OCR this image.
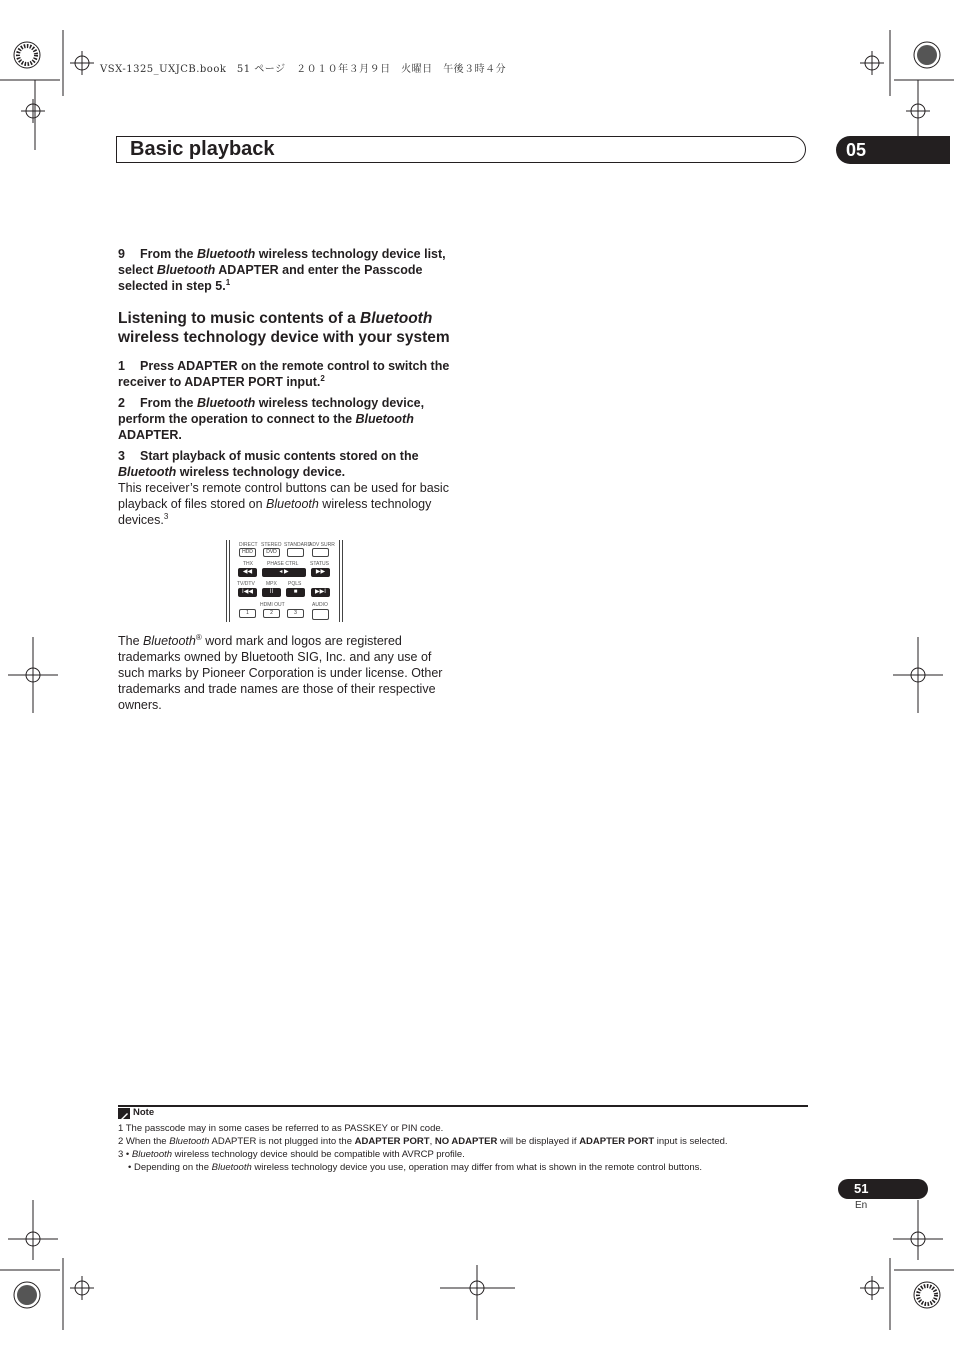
VSX-1325_UXJCB.book　51 ページ　２０１０年３月９日　火曜日　午後３時４分
Basic playback	05
9 From the Bluetooth wireless technology device list, select Bluetooth ADAPTER and enter the Passcode selected in step 5.$^1$
Listening to music contents of a Bluetooth wireless technology device with your system
1 Press ADAPTER on the remote control to switch the receiver to ADAPTER PORT input.$^2$
2 From the Bluetooth wireless technology device, perform the operation to connect to the Bluetooth ADAPTER.
3 Start playback of music contents stored on the Bluetooth wireless technology device.
This receiver’s remote control buttons can be used for basic playback of files stored on Bluetooth wireless technology devices.$^3$
DIRECT STEREO STANDARD
ADV SURR
HDD	DVD
THX	PHASE CTRL STATUS
◀◀	◂ ▶	▶▶
TV/DTV MPX PQLS
I◀◀	II	■	▶▶I
HDMI OUT	AUDIO
1	2	3
The Bluetooth® word mark and logos are registered trademarks owned by Bluetooth SIG, Inc. and any use of such marks by Pioneer Corporation is under license. Other trademarks and trade names are those of their respective owners.
Note
1 The passcode may in some cases be referred to as PASSKEY or PIN code.
2 When the Bluetooth ADAPTER is not plugged into the ADAPTER PORT, NO ADAPTER will be displayed if ADAPTER PORT input is selected.
3 • Bluetooth wireless technology device should be compatible with AVRCP profile.
• Depending on the Bluetooth wireless technology device you use, operation may differ from what is shown in the remote control buttons.
51
En
